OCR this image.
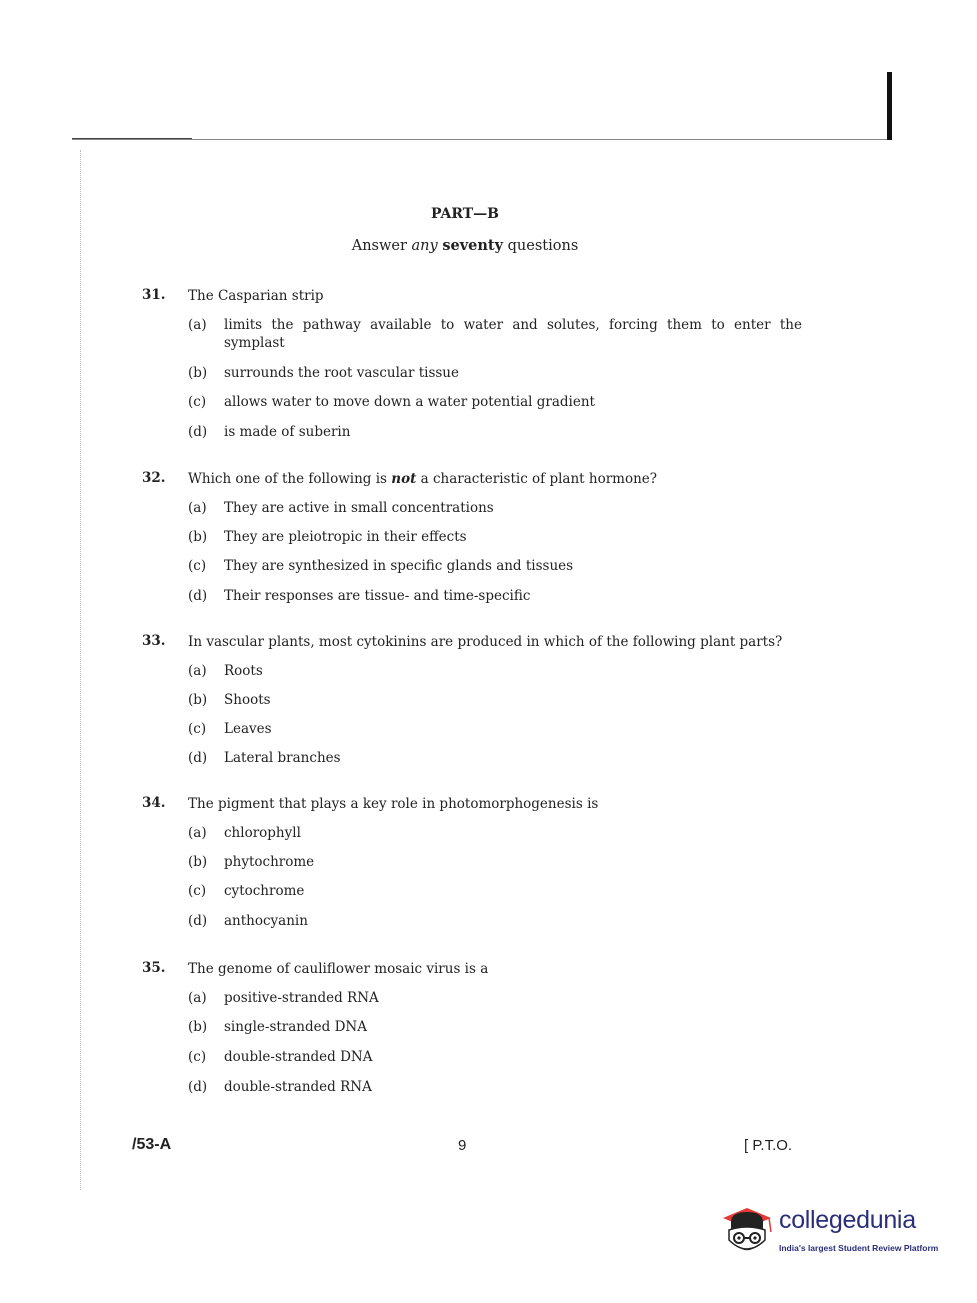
PART—B
Answer any seventy questions
31. The Casparian strip
(a) limits the pathway available to water and solutes, forcing them to enter the symplast
(b) surrounds the root vascular tissue
(c) allows water to move down a water potential gradient
(d) is made of suberin
32. Which one of the following is not a characteristic of plant hormone?
(a) They are active in small concentrations
(b) They are pleiotropic in their effects
(c) They are synthesized in specific glands and tissues
(d) Their responses are tissue- and time-specific
33. In vascular plants, most cytokinins are produced in which of the following plant parts?
(a) Roots
(b) Shoots
(c) Leaves
(d) Lateral branches
34. The pigment that plays a key role in photomorphogenesis is
(a) chlorophyll
(b) phytochrome
(c) cytochrome
(d) anthocyanin
35. The genome of cauliflower mosaic virus is a
(a) positive-stranded RNA
(b) single-stranded DNA
(c) double-stranded DNA
(d) double-stranded RNA
/53-A	9	[ P.T.O.
collegedunia
India's largest Student Review Platform
